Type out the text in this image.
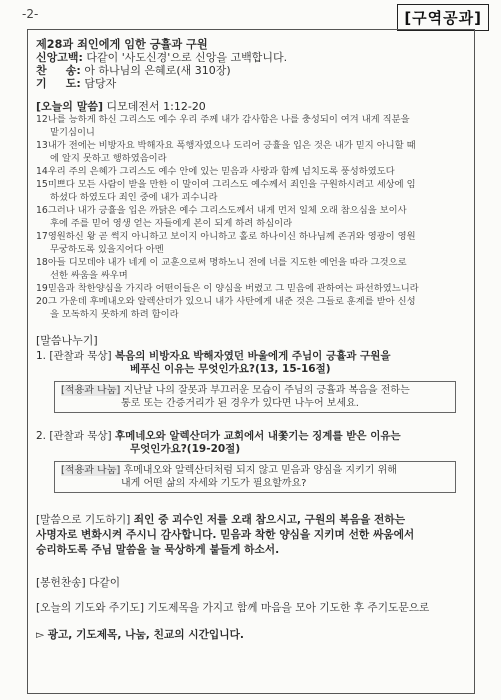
-2-	[구역공과]
제28과 죄인에게 임한 긍휼과 구원
신앙고백: 다같이 '사도신경'으로 신앙을 고백합니다.
찬     송: 아 하나님의 은혜로(새 310장)
기     도: 담당자
[오늘의 말씀] 디모데전서 1:12-20
12나를 능하게 하신 그리스도 예수 우리 주께 내가 감사함은 나를 충성되이 여겨 내게 직분을
맡기심이니
13내가 전에는 비방자요 박해자요 폭행자였으나 도리어 긍휼을 입은 것은 내가 믿지 아니할 때
에 알지 못하고 행하였음이라
14우리 주의 은혜가 그리스도 예수 안에 있는 믿음과 사랑과 함께 넘치도록 풍성하였도다
15미쁘다 모든 사람이 받을 만한 이 말이여 그리스도 예수께서 죄인을 구원하시려고 세상에 임
하셨다 하였도다 죄인 중에 내가 괴수니라
16그러나 내가 긍휼을 입은 까닭은 예수 그리스도께서 내게 먼저 일체 오래 참으심을 보이사
후에 주를 믿어 영생 얻는 자들에게 본이 되게 하려 하심이라
17영원하신 왕 곧 썩지 아니하고 보이지 아니하고 홀로 하나이신 하나님께 존귀와 영광이 영원
무궁하도록 있을지어다 아멘
18아들 디모데야 내가 네게 이 교훈으로써 명하노니 전에 너를 지도한 예언을 따라 그것으로
선한 싸움을 싸우며
19믿음과 착한양심을 가지라 어떤이들은 이 양심을 버렸고 그 믿음에 관하여는 파선하였느니라
20그 가운데 후메내오와 알렉산더가 있으니 내가 사탄에게 내준 것은 그들로 훈계를 받아 신성
을 모독하지 못하게 하려 함이라
[말씀나누기]
1. [관찰과 묵상] 복음의 비방자요 박해자였던 바울에게 주님이 긍휼과 구원을
베푸신 이유는 무엇인가요?(13, 15-16절)
[적용과 나눔] 지난날 나의 잘못과 부끄러운 모습이 주님의 긍휼과 복음을 전하는
통로 또는 간증거리가 된 경우가 있다면 나누어 보세요.
2. [관찰과 묵상] 후메네오와 알렉산더가 교회에서 내쫓기는 징계를 받은 이유는
무엇인가요?(19-20절)
[적용과 나눔] 후메내오와 알렉산더처럼 되지 않고 믿음과 양심을 지키기 위해
내게 어떤 삶의 자세와 기도가 필요할까요?
[말씀으로 기도하기] 죄인 중 괴수인 저를 오래 참으시고, 구원의 복음을 전하는
사명자로 변화시켜 주시니 감사합니다. 믿음과 착한 양심을 지키며 선한 싸움에서
승리하도록 주님 말씀을 늘 묵상하게 붙들게 하소서.
[봉헌찬송] 다같이
[오늘의 기도와 주기도] 기도제목을 가지고 함께 마음을 모아 기도한 후 주기도문으로
▻ 광고, 기도제목, 나눔, 친교의 시간입니다.
